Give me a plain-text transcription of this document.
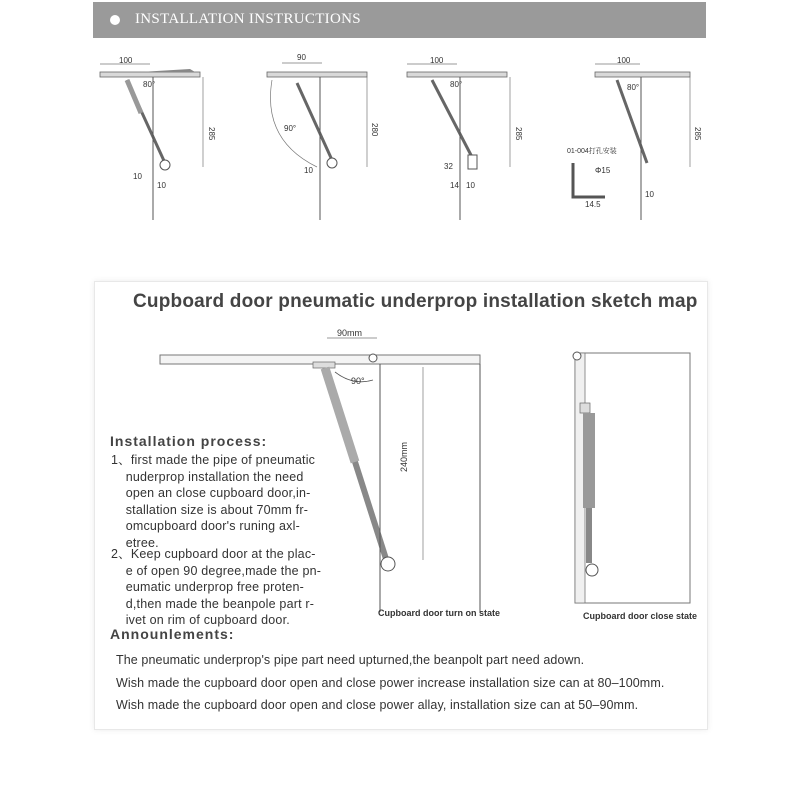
INSTALLATION INSTRUCTIONS
100
80°
285
10
10
90
90°	280
10
100
80°
285
32
14 10
100
80°
285
01-004打孔安装
Φ15
10
14.5
Cupboard door pneumatic underprop installation sketch map
90mm
90°
240mm
Cupboard door turn on state	Cupboard door close state
Installation process:
1、first made the pipe of pneumatic
nuderprop installation the need
open an close cupboard door,in-
stallation size is about 70mm fr-
omcupboard door's runing axl-
etree.
2、Keep cupboard door at the plac-
e of open 90 degree,made the pn-
eumatic underprop free proten-
d,then made the beanpole part r-
ivet on rim of cupboard door.
Announlements:
The pneumatic underprop's pipe part need upturned,the beanpolt part need adown.
Wish made the cupboard door open and close power increase installation size can at 80–100mm.
Wish made the cupboard door open and close power allay, installation size can at 50–90mm.
